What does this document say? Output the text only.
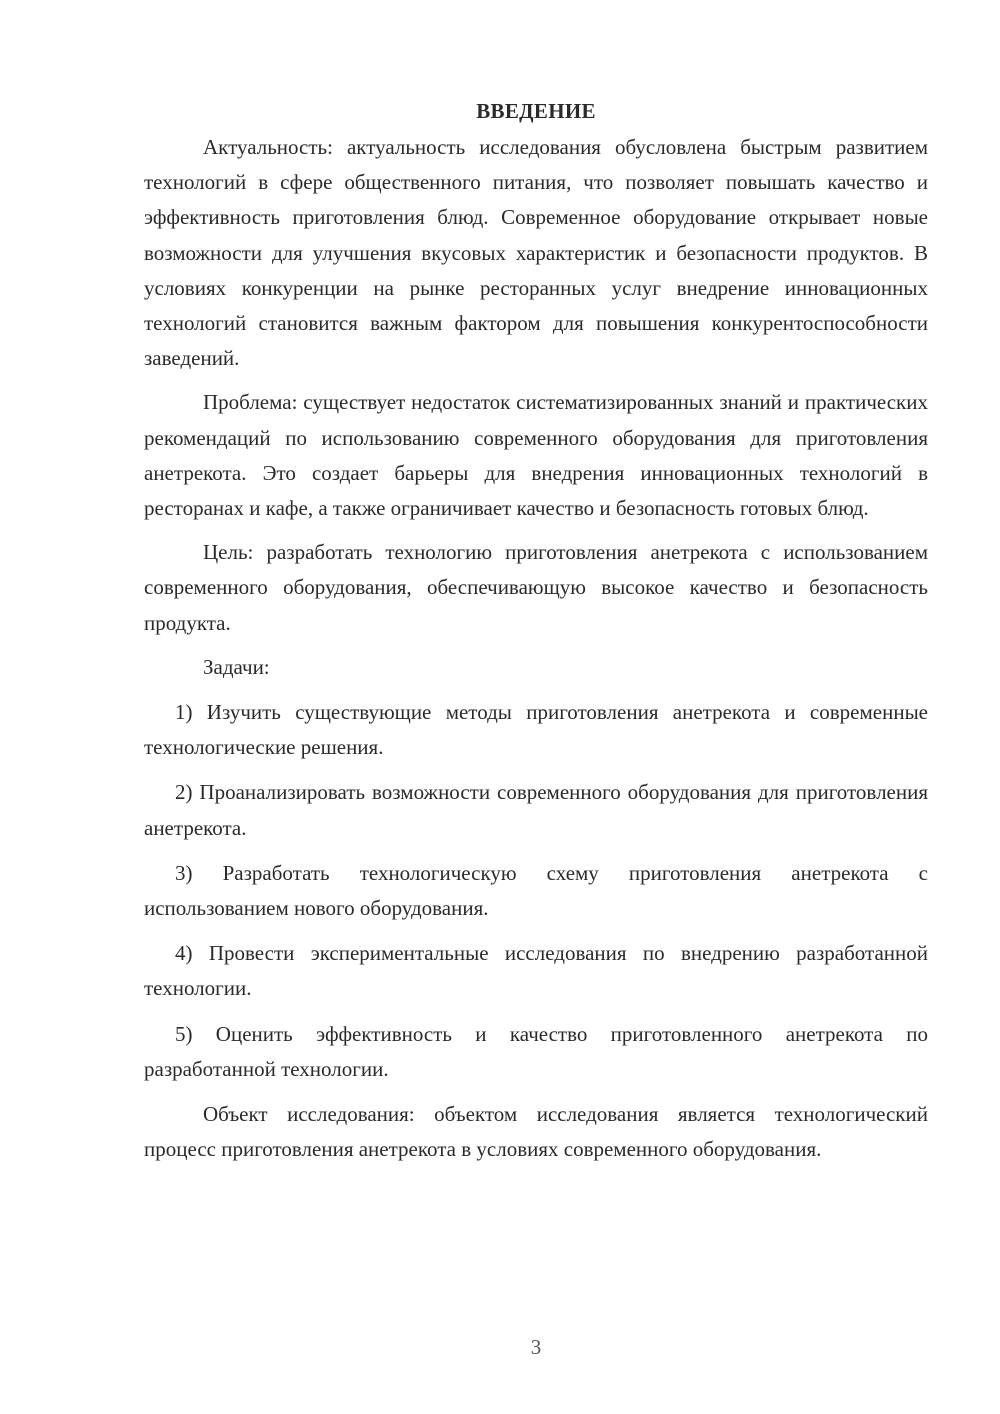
ВВЕДЕНИЕ

Актуальность: актуальность исследования обусловлена быстрым развитием технологий в сфере общественного питания, что позволяет повышать качество и эффективность приготовления блюд. Современное оборудование открывает новые возможности для улучшения вкусовых характеристик и безопасности продуктов. В условиях конкуренции на рынке ресторанных услуг внедрение инновационных технологий становится важным фактором для повышения конкурентоспособности заведений.

Проблема: существует недостаток систематизированных знаний и практических рекомендаций по использованию современного оборудования для приготовления анетрекота. Это создает барьеры для внедрения инновационных технологий в ресторанах и кафе, а также ограничивает качество и безопасность готовых блюд.

Цель: разработать технологию приготовления анетрекота с использованием современного оборудования, обеспечивающую высокое качество и безопасность продукта.

Задачи:

1) Изучить существующие методы приготовления анетрекота и современные технологические решения.

2) Проанализировать возможности современного оборудования для приготовления анетрекота.

3) Разработать технологическую схему приготовления анетрекота с использованием нового оборудования.

4) Провести экспериментальные исследования по внедрению разработанной технологии.

5) Оценить эффективность и качество приготовленного анетрекота по разработанной технологии.

Объект исследования: объектом исследования является технологический процесс приготовления анетрекота в условиях современного оборудования.

3
